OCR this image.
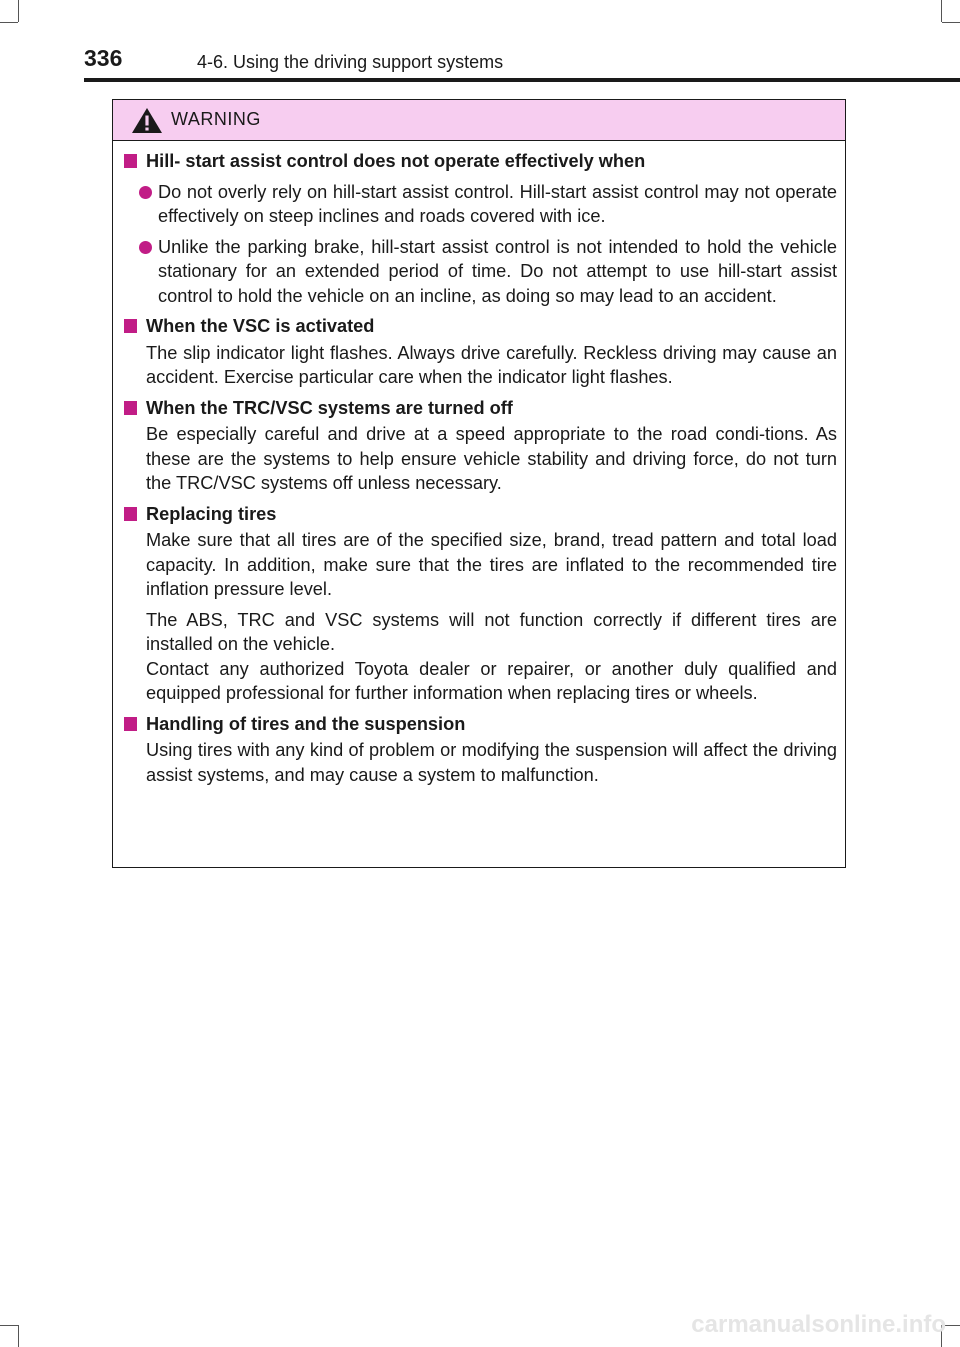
336	4-6. Using the driving support systems
WARNING
Hill- start assist control does not operate effectively when
Do not overly rely on hill-start assist control. Hill-start assist control may not operate effectively on steep inclines and roads covered with ice.
Unlike the parking brake, hill-start assist control is not intended to hold the vehicle stationary for an extended period of time. Do not attempt to use hill-start assist control to hold the vehicle on an incline, as doing so may lead to an accident.
When the VSC is activated
The slip indicator light flashes. Always drive carefully. Reckless driving may cause an accident. Exercise particular care when the indicator light flashes.
When the TRC/VSC systems are turned off
Be especially careful and drive at a speed appropriate to the road condi-tions. As these are the systems to help ensure vehicle stability and driving force, do not turn the TRC/VSC systems off unless necessary.
Replacing tires
Make sure that all tires are of the specified size, brand, tread pattern and total load capacity. In addition, make sure that the tires are inflated to the recommended tire inflation pressure level.
The ABS, TRC and VSC systems will not function correctly if different tires are installed on the vehicle.
Contact any authorized Toyota dealer or repairer, or another duly qualified and equipped professional for further information when replacing tires or wheels.
Handling of tires and the suspension
Using tires with any kind of problem or modifying the suspension will affect the driving assist systems, and may cause a system to malfunction.
carmanualsonline.info
